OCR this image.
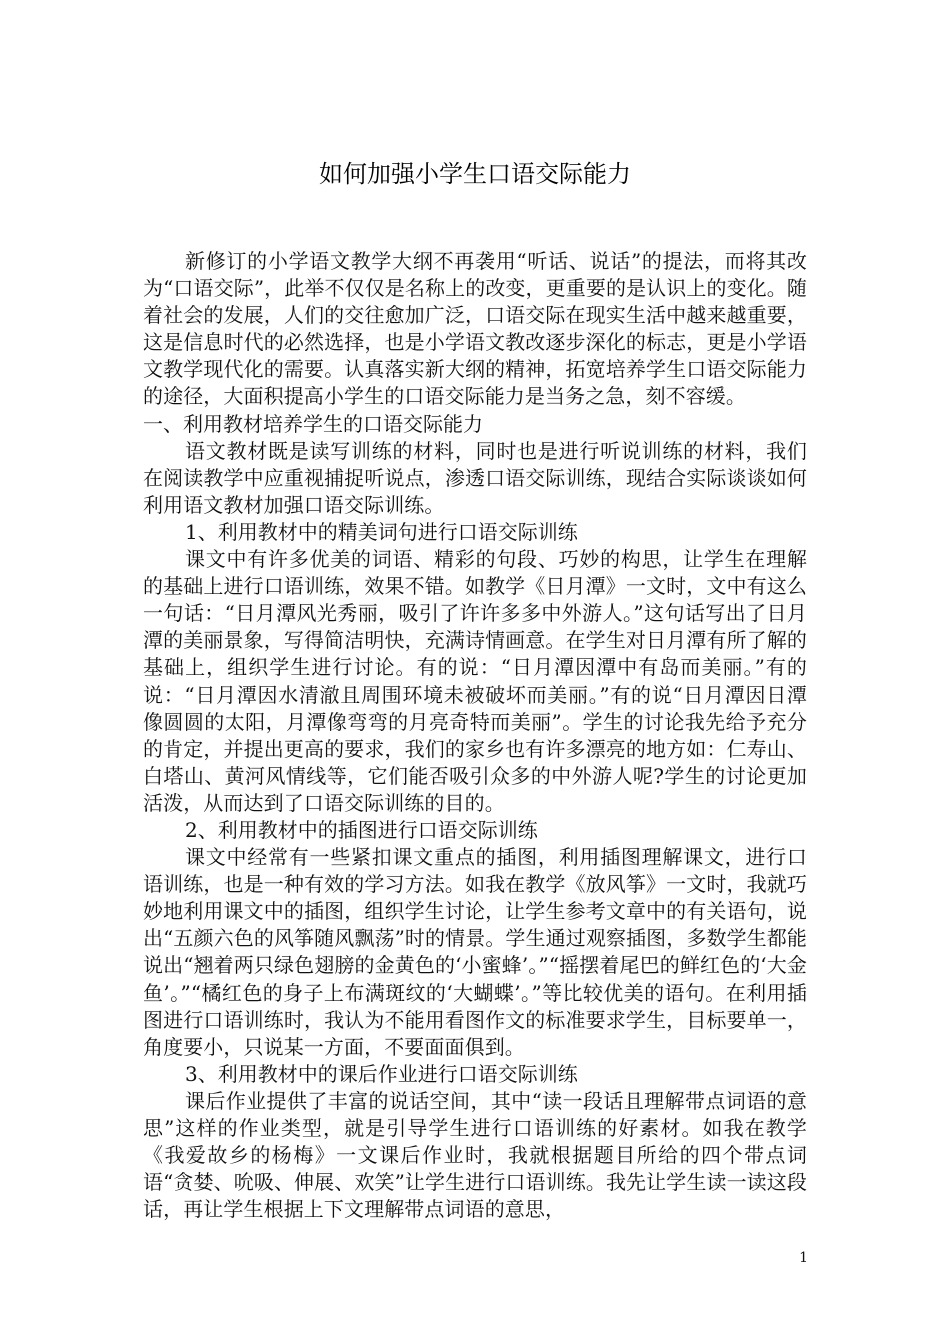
如何加强小学生口语交际能力

新修订的小学语文教学大纲不再袭用“听话、说话”的提法，而将其改为“口语交际”，此举不仅仅是名称上的改变，更重要的是认识上的变化。随着社会的发展，人们的交往愈加广泛，口语交际在现实生活中越来越重要，这是信息时代的必然选择，也是小学语文教改逐步深化的标志，更是小学语文教学现代化的需要。认真落实新大纲的精神，拓宽培养学生口语交际能力的途径，大面积提高小学生的口语交际能力是当务之急，刻不容缓。

一、利用教材培养学生的口语交际能力

语文教材既是读写训练的材料，同时也是进行听说训练的材料，我们在阅读教学中应重视捕捉听说点，渗透口语交际训练，现结合实际谈谈如何利用语文教材加强口语交际训练。

1、利用教材中的精美词句进行口语交际训练

课文中有许多优美的词语、精彩的句段、巧妙的构思，让学生在理解的基础上进行口语训练，效果不错。如教学《日月潭》一文时，文中有这么一句话：“日月潭风光秀丽，吸引了许许多多中外游人。”这句话写出了日月潭的美丽景象，写得简洁明快，充满诗情画意。在学生对日月潭有所了解的基础上，组织学生进行讨论。有的说：“日月潭因潭中有岛而美丽。”有的说：“日月潭因水清澈且周围环境未被破坏而美丽。”有的说“日月潭因日潭像圆圆的太阳，月潭像弯弯的月亮奇特而美丽”。学生的讨论我先给予充分的肯定，并提出更高的要求，我们的家乡也有许多漂亮的地方如：仁寿山、白塔山、黄河风情线等，它们能否吸引众多的中外游人呢?学生的讨论更加活泼，从而达到了口语交际训练的目的。

2、利用教材中的插图进行口语交际训练

课文中经常有一些紧扣课文重点的插图，利用插图理解课文，进行口语训练，也是一种有效的学习方法。如我在教学《放风筝》一文时，我就巧妙地利用课文中的插图，组织学生讨论，让学生参考文章中的有关语句，说出“五颜六色的风筝随风飘荡”时的情景。学生通过观察插图，多数学生都能说出“翘着两只绿色翅膀的金黄色的‘小蜜蜂’。”“摇摆着尾巴的鲜红色的‘大金鱼’。”“橘红色的身子上布满斑纹的‘大蝴蝶’。”等比较优美的语句。在利用插图进行口语训练时，我认为不能用看图作文的标准要求学生，目标要单一，角度要小，只说某一方面，不要面面俱到。

3、利用教材中的课后作业进行口语交际训练

课后作业提供了丰富的说话空间，其中“读一段话且理解带点词语的意思”这样的作业类型，就是引导学生进行口语训练的好素材。如我在教学《我爱故乡的杨梅》一文课后作业时，我就根据题目所给的四个带点词语“贪婪、吮吸、伸展、欢笑”让学生进行口语训练。我先让学生读一读这段话，再让学生根据上下文理解带点词语的意思，

1
